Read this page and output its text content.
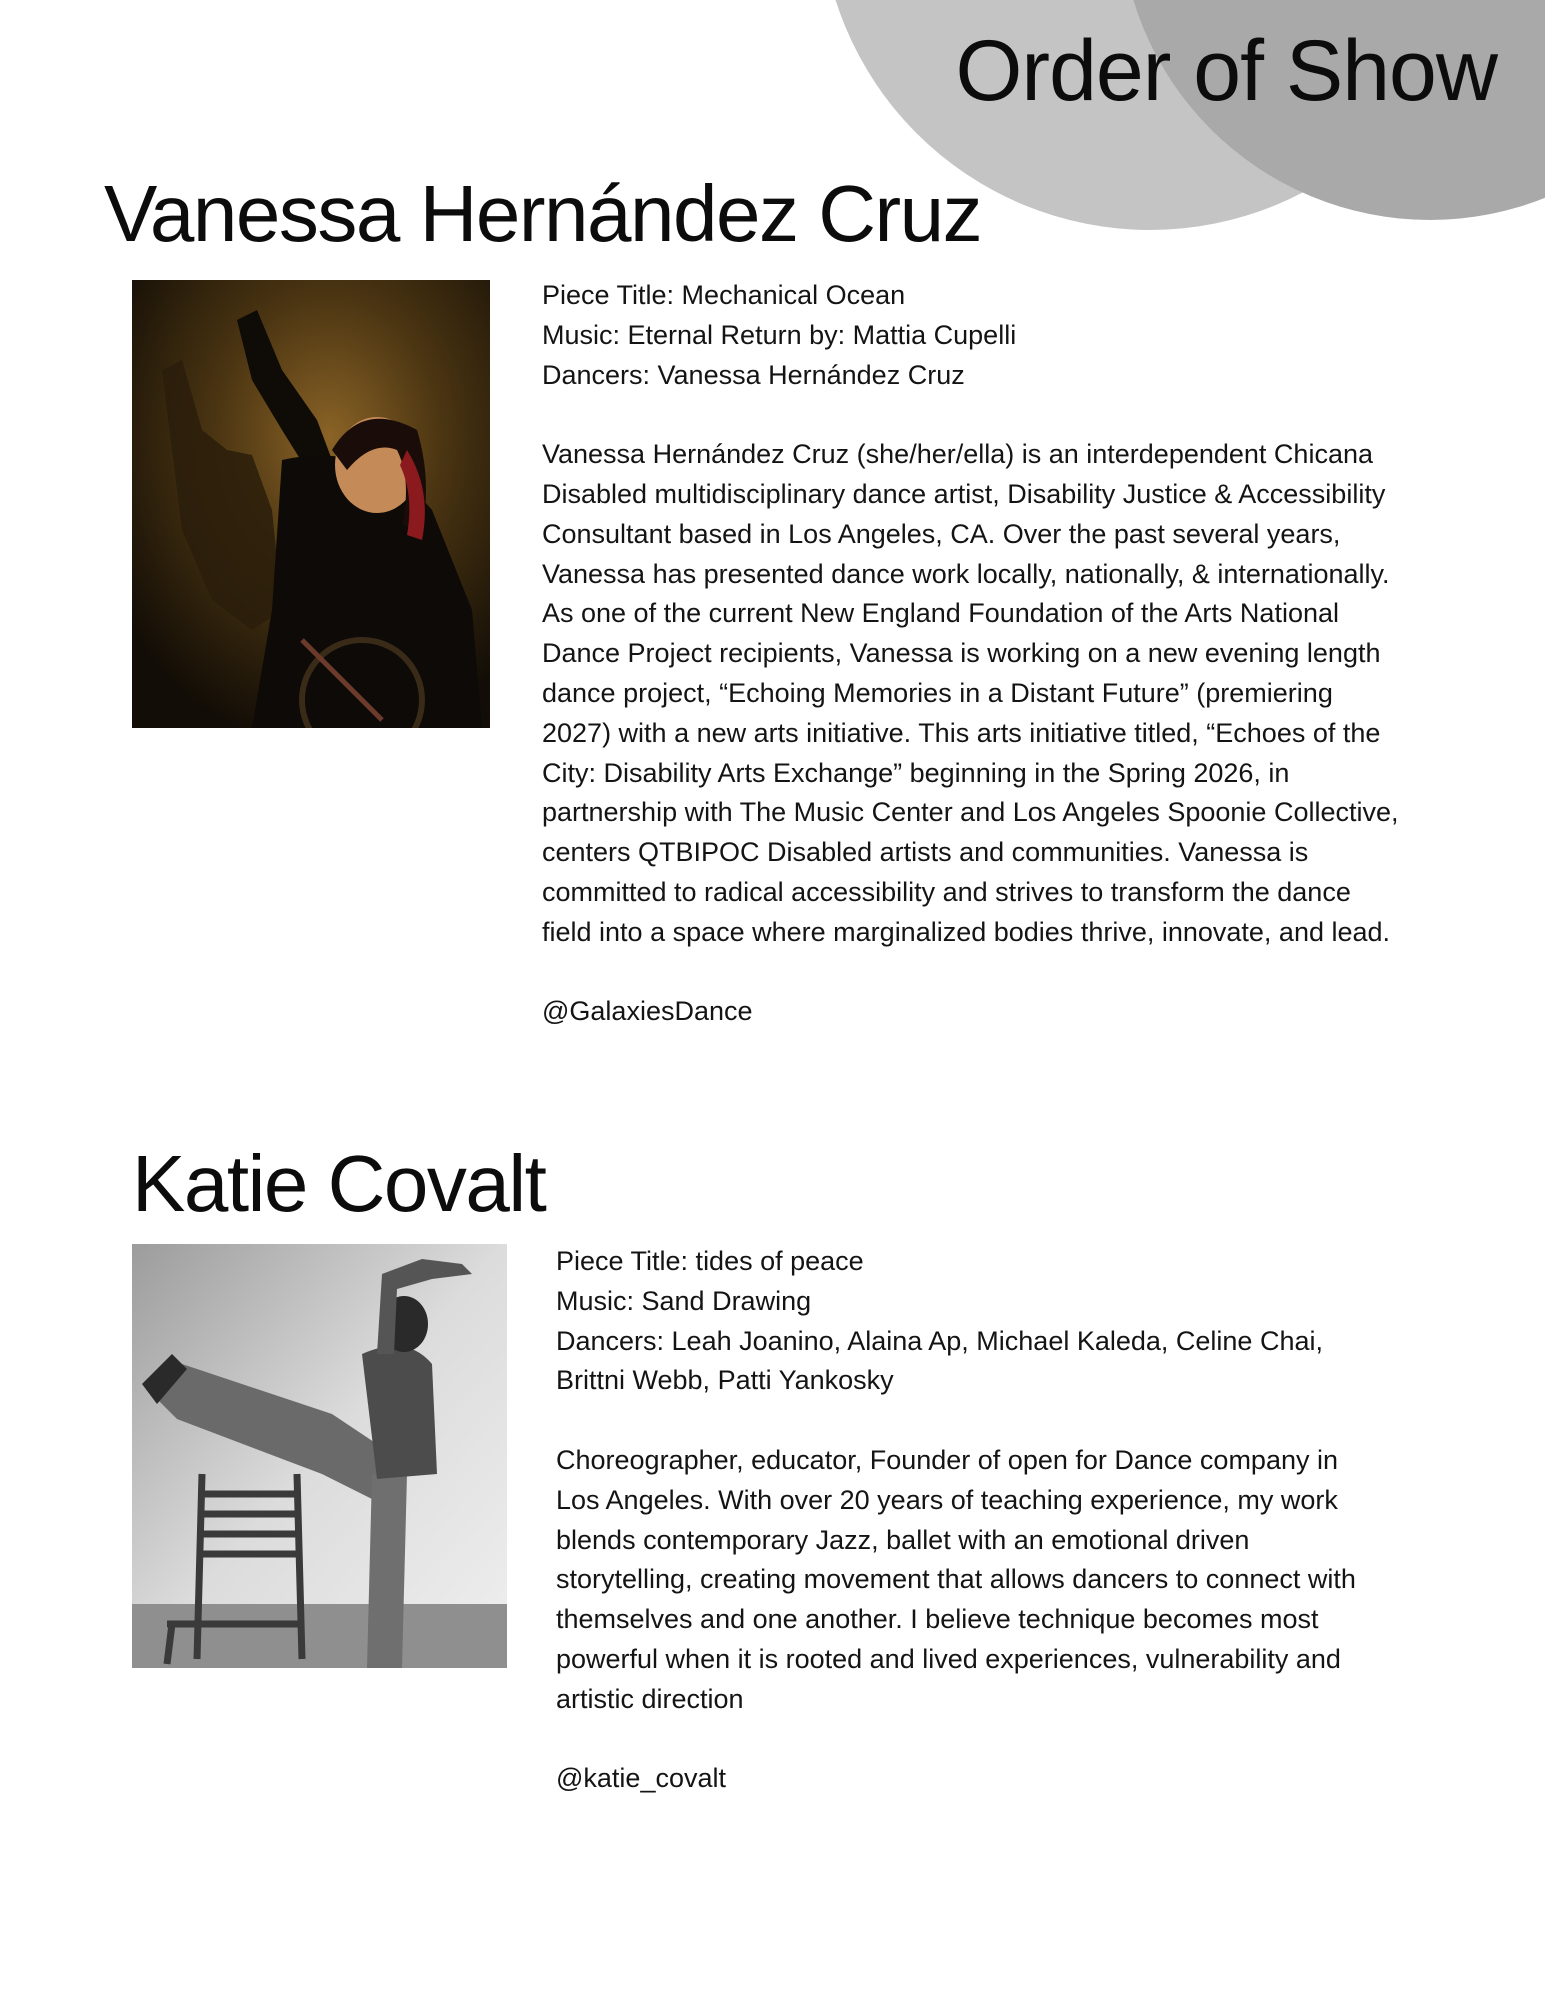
Order of Show
Vanessa Hernández Cruz

Piece Title: Mechanical Ocean

Music: Eternal Return by: Mattia Cupelli

Dancers: Vanessa Hernández Cruz

Vanessa Hernández Cruz (she/her/ella) is an interdependent Chicana

Disabled multidisciplinary dance artist, Disability Justice & Accessibility

Consultant based in Los Angeles, CA. Over the past several years,

Vanessa has presented dance work locally, nationally, & internationally.

As one of the current New England Foundation of the Arts National

Dance Project recipients, Vanessa is working on a new evening length

dance project, “Echoing Memories in a Distant Future” (premiering

2027) with a new arts initiative. This arts initiative titled, “Echoes of the

City: Disability Arts Exchange” beginning in the Spring 2026, in

partnership with The Music Center and Los Angeles Spoonie Collective,

centers QTBIPOC Disabled artists and communities. Vanessa is

committed to radical accessibility and strives to transform the dance

field into a space where marginalized bodies thrive, innovate, and lead.

@GalaxiesDance

Katie Covalt

Piece Title: tides of peace

Music: Sand Drawing

Dancers: Leah Joanino, Alaina Ap, Michael Kaleda, Celine Chai,

Brittni Webb, Patti Yankosky

Choreographer, educator, Founder of open for Dance company in

Los Angeles. With over 20 years of teaching experience, my work

blends contemporary Jazz, ballet with an emotional driven

storytelling, creating movement that allows dancers to connect with

themselves and one another. I believe technique becomes most

powerful when it is rooted and lived experiences, vulnerability and

artistic direction

@katie_covalt
